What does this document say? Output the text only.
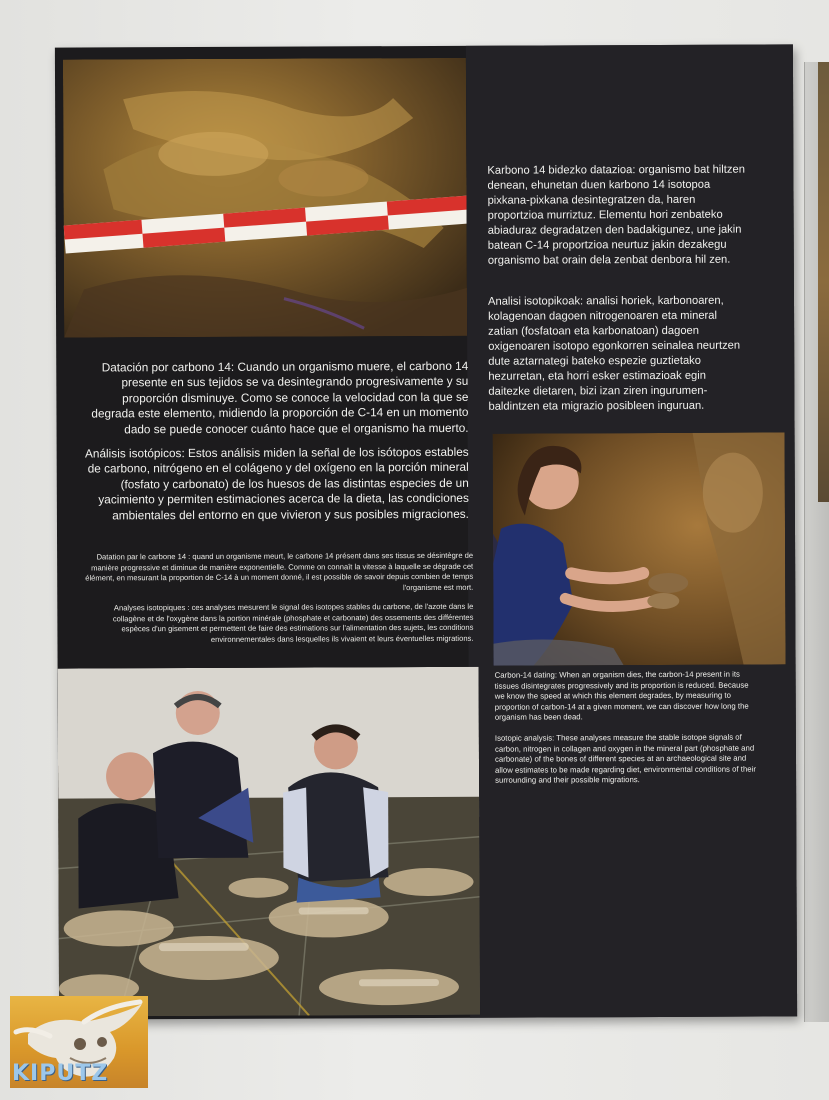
Datación por carbono 14: Cuando un organismo muere, el carbono 14 presente en sus tejidos se va desintegrando progresivamente y su proporción disminuye. Como se conoce la velocidad con la que se degrada este elemento, midiendo la proporción de C-14 en un momento dado se puede conocer cuánto hace que el organismo ha muerto.
Análisis isotópicos: Estos análisis miden la señal de los isótopos estables de carbono, nitrógeno en el colágeno y del oxígeno en la porción mineral (fosfato y carbonato) de los huesos de las distintas especies de un yacimiento y permiten estimaciones acerca de la dieta, las condiciones ambientales del entorno en que vivieron y sus posibles migraciones.
Datation par le carbone 14 : quand un organisme meurt, le carbone 14 présent dans ses tissus se désintègre de manière progressive et diminue de manière exponentielle. Comme on connaît la vitesse à laquelle se dégrade cet élément, en mesurant la proportion de C-14 à un moment donné, il est possible de savoir depuis combien de temps l'organisme est mort.
Analyses isotopiques : ces analyses mesurent le signal des isotopes stables du carbone, de l'azote dans le collagène et de l'oxygène dans la portion minérale (phosphate et carbonate) des ossements des différentes espèces d'un gisement et permettent de faire des estimations sur l'alimentation des sujets, les conditions environnementales dans lesquelles ils vivaient et leurs éventuelles migrations.
Karbono 14 bidezko datazioa: organismo bat hiltzen denean, ehunetan duen karbono 14 isotopoa pixkana-pixkana desintegratzen da, haren proportzioa murriztuz. Elementu hori zenbateko abiaduraz degradatzen den badakigunez, une jakin batean C-14 proportzioa neurtuz jakin dezakegu organismo bat orain dela zenbat denbora hil zen.
Analisi isotopikoak: analisi horiek, karbonoaren, kolagenoan dagoen nitrogenoaren eta mineral zatian (fosfatoan eta karbonatoan) dagoen oxigenoaren isotopo egonkorren seinalea neurtzen dute aztarnategi bateko espezie guztietako hezurretan, eta horri esker estimazioak egin daitezke dietaren, bizi izan ziren ingurumen-baldintzen eta migrazio posibleen inguruan.
Carbon-14 dating: When an organism dies, the carbon-14 present in its tissues disintegrates progressively and its proportion is reduced. Because we know the speed at which this element degrades, by measuring to proportion of carbon-14 at a given moment, we can discover how long the organism has been dead.
Isotopic analysis: These analyses measure the stable isotope signals of carbon, nitrogen in collagen and oxygen in the mineral part (phosphate and carbonate) of the bones of different species at an archaeological site and allow estimates to be made regarding diet, environmental conditions of their surrounding and their possible migrations.
KIPUTZ
